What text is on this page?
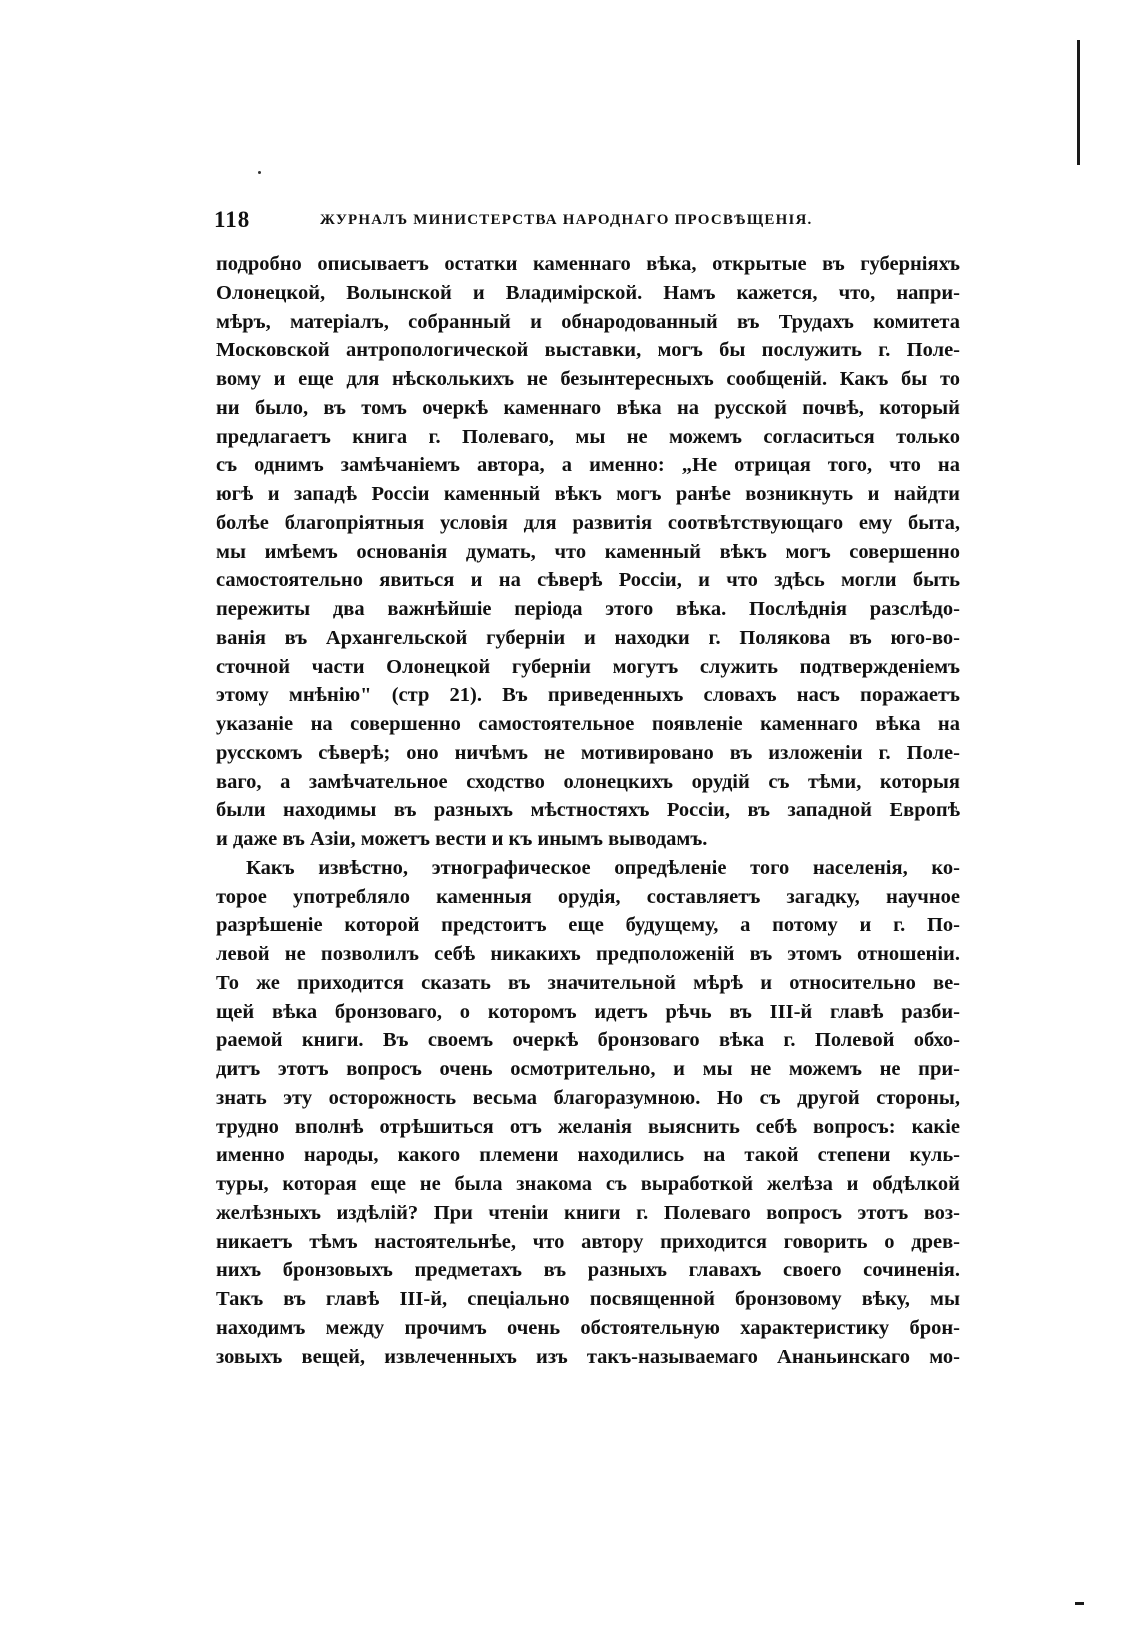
118	ЖУРНАЛЪ МИНИСТЕРСТВА НАРОДНАГО ПРОСВѢЩЕНІЯ.
подробно описываетъ остатки каменнаго вѣка, открытые въ губерніяхъ
Олонецкой, Волынской и Владимірской. Намъ кажется, что, напри-
мѣръ, матеріалъ, собранный и обнародованный въ Трудахъ комитета
Московской антропологической выставки, могъ бы послужить г. Поле-
вому и еще для нѣсколькихъ не безынтересныхъ сообщеній. Какъ бы то
ни было, въ томъ очеркѣ каменнаго вѣка на русской почвѣ, который
предлагаетъ книга г. Полеваго, мы не можемъ согласиться только
съ однимъ замѣчаніемъ автора, а именно: „Не отрицая того, что на
югѣ и западѣ Россіи каменный вѣкъ могъ ранѣе возникнуть и найдти
болѣе благопріятныя условія для развитія соотвѣтствующаго ему быта,
мы имѣемъ основанія думать, что каменный вѣкъ могъ совершенно
самостоятельно явиться и на сѣверѣ Россіи, и что здѣсь могли быть
пережиты два важнѣйшіе періода этого вѣка. Послѣднія разслѣдо-
ванія въ Архангельской губерніи и находки г. Полякова въ юго-во-
сточной части Олонецкой губерніи могутъ служить подтвержденіемъ
этому мнѣнію" (стр 21). Въ приведенныхъ словахъ насъ поражаетъ
указаніе на совершенно самостоятельное появленіе каменнаго вѣка на
русскомъ сѣверѣ; оно ничѣмъ не мотивировано въ изложеніи г. Поле-
ваго, а замѣчательное сходство олонецкихъ орудій съ тѣми, которыя
были находимы въ разныхъ мѣстностяхъ Россіи, въ западной Европѣ
и даже въ Азіи, можетъ вести и къ инымъ выводамъ.
Какъ извѣстно, этнографическое опредѣленіе того населенія, ко-
торое употребляло каменныя орудія, составляетъ загадку, научное
разрѣшеніе которой предстоитъ еще будущему, а потому и г. По-
левой не позволилъ себѣ никакихъ предположеній въ этомъ отношеніи.
То же приходится сказать въ значительной мѣрѣ и относительно ве-
щей вѣка бронзоваго, о которомъ идетъ рѣчь въ III-й главѣ разби-
раемой книги. Въ своемъ очеркѣ бронзоваго вѣка г. Полевой обхо-
дитъ этотъ вопросъ очень осмотрительно, и мы не можемъ не при-
знать эту осторожность весьма благоразумною. Но съ другой стороны,
трудно вполнѣ отрѣшиться отъ желанія выяснить себѣ вопросъ: какіе
именно народы, какого племени находились на такой степени куль-
туры, которая еще не была знакома съ выработкой желѣза и обдѣлкой
желѣзныхъ издѣлій? При чтеніи книги г. Полеваго вопросъ этотъ воз-
никаетъ тѣмъ настоятельнѣе, что автору приходится говорить о древ-
нихъ бронзовыхъ предметахъ въ разныхъ главахъ своего сочиненія.
Такъ въ главѣ III-й, спеціально посвященной бронзовому вѣку, мы
находимъ между прочимъ очень обстоятельную характеристику брон-
зовыхъ вещей, извлеченныхъ изъ такъ-называемаго Ананьинскаго мо-
